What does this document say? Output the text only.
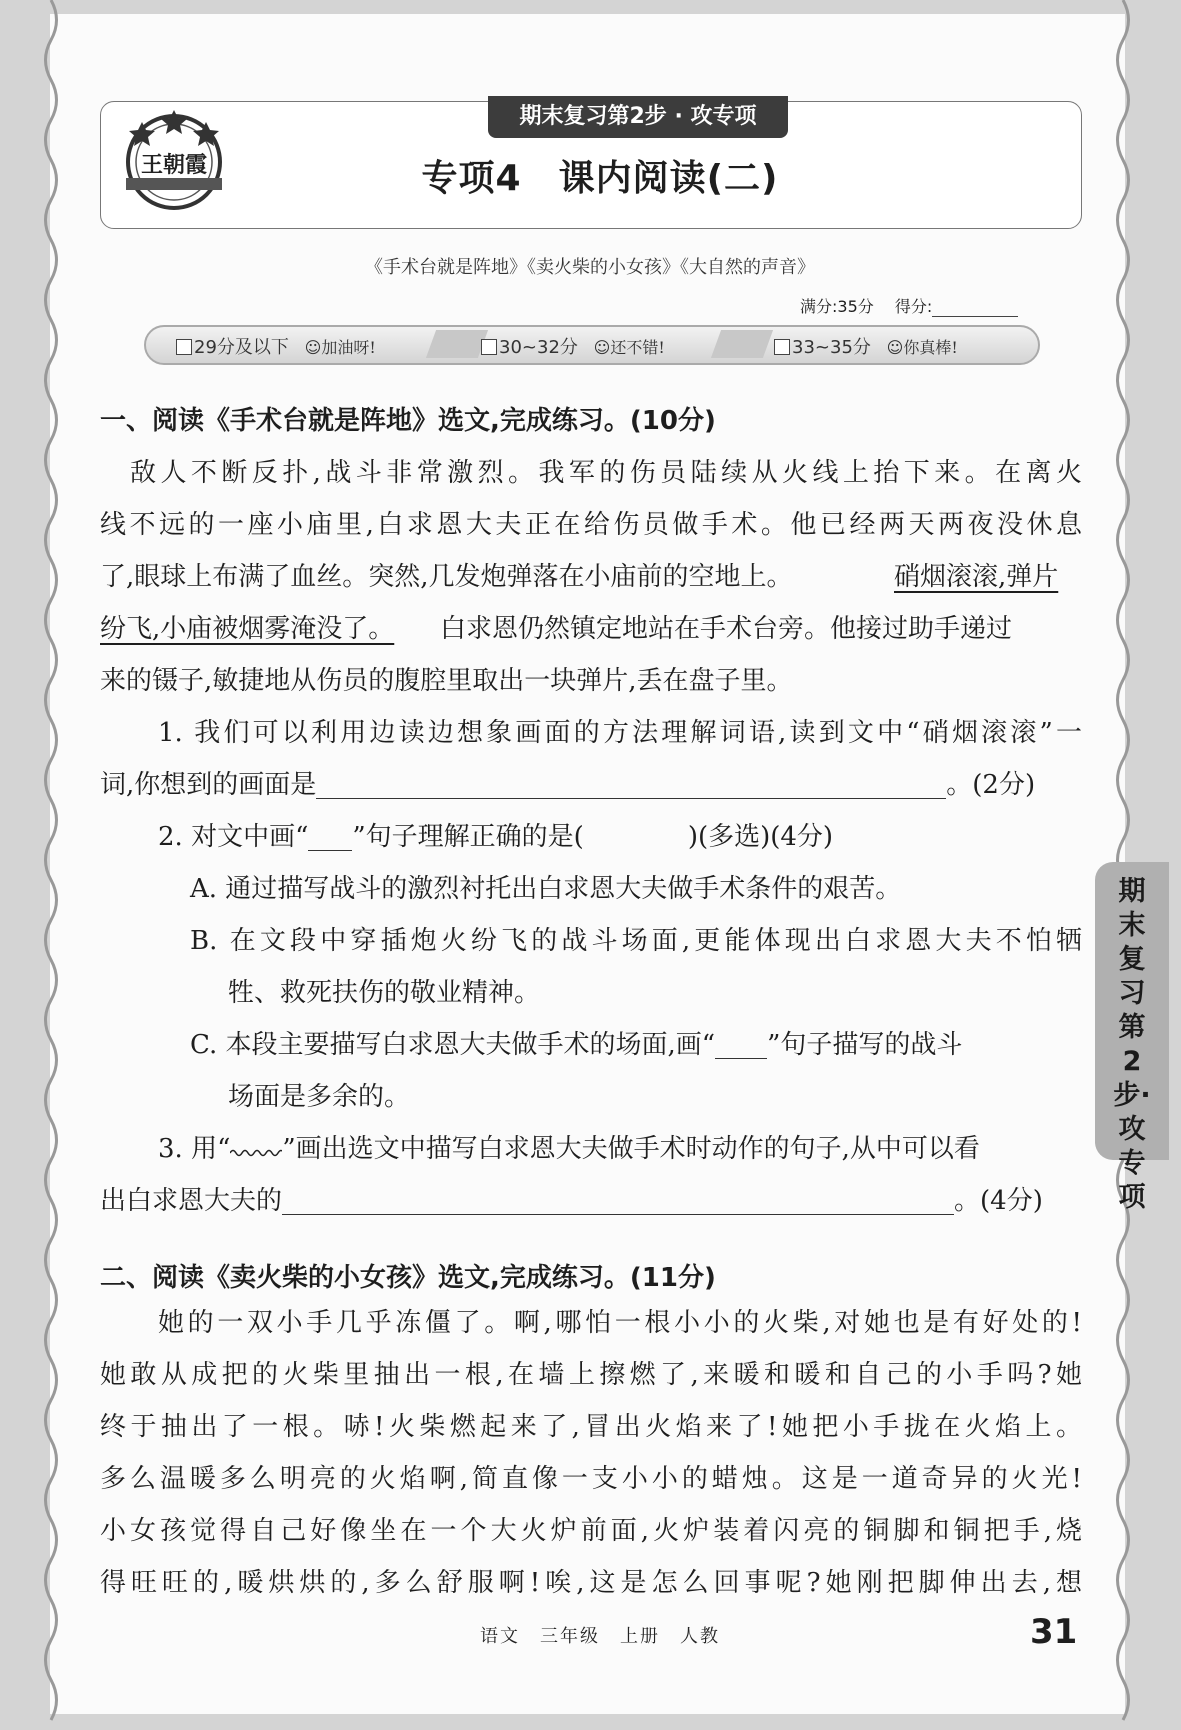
王朝霞
期末复习第2步 · 攻专项
专项4　课内阅读(二)
《手术台就是阵地》《卖火柴的小女孩》《大自然的声音》
满分:35分 得分:
29分及以下 ☺加油呀!	30~32分 ☺还不错!	33~35分 ☺你真棒!
一、阅读《手术台就是阵地》选文,完成练习。(10分)
敌人不断反扑,战斗非常激烈。我军的伤员陆续从火线上抬下来。在离火
线不远的一座小庙里,白求恩大夫正在给伤员做手术。他已经两天两夜没休息
了,眼球上布满了血丝。突然,几发炮弹落在小庙前的空地上。	硝烟滚滚,弹片
纷飞,小庙被烟雾淹没了。 白求恩仍然镇定地站在手术台旁。他接过助手递过
来的镊子,敏捷地从伤员的腹腔里取出一块弹片,丢在盘子里。
1. 我们可以利用边读边想象画面的方法理解词语,读到文中“硝烟滚滚”一
词,你想到的画面是	。(2分)
2. 对文中画“ ”句子理解正确的是(	)(多选)(4分)
A. 通过描写战斗的激烈衬托出白求恩大夫做手术条件的艰苦。
B. 在文段中穿插炮火纷飞的战斗场面,更能体现出白求恩大夫不怕牺
牲、救死扶伤的敬业精神。
C. 本段主要描写白求恩大夫做手术的场面,画“ ”句子描写的战斗
场面是多余的。
3. 用“ ”画出选文中描写白求恩大夫做手术时动作的句子,从中可以看
出白求恩大夫的	。(4分)
二、阅读《卖火柴的小女孩》选文,完成练习。(11分)
她的一双小手几乎冻僵了。啊,哪怕一根小小的火柴,对她也是有好处的!
她敢从成把的火柴里抽出一根,在墙上擦燃了,来暖和暖和自己的小手吗?她
终于抽出了一根。哧!火柴燃起来了,冒出火焰来了!她把小手拢在火焰上。
多么温暖多么明亮的火焰啊,简直像一支小小的蜡烛。这是一道奇异的火光!
小女孩觉得自己好像坐在一个大火炉前面,火炉装着闪亮的铜脚和铜把手,烧
得旺旺的,暖烘烘的,多么舒服啊!唉,这是怎么回事呢?她刚把脚伸出去,想
期末复习第2步·攻专项
语文　三年级　上册　人教	31
